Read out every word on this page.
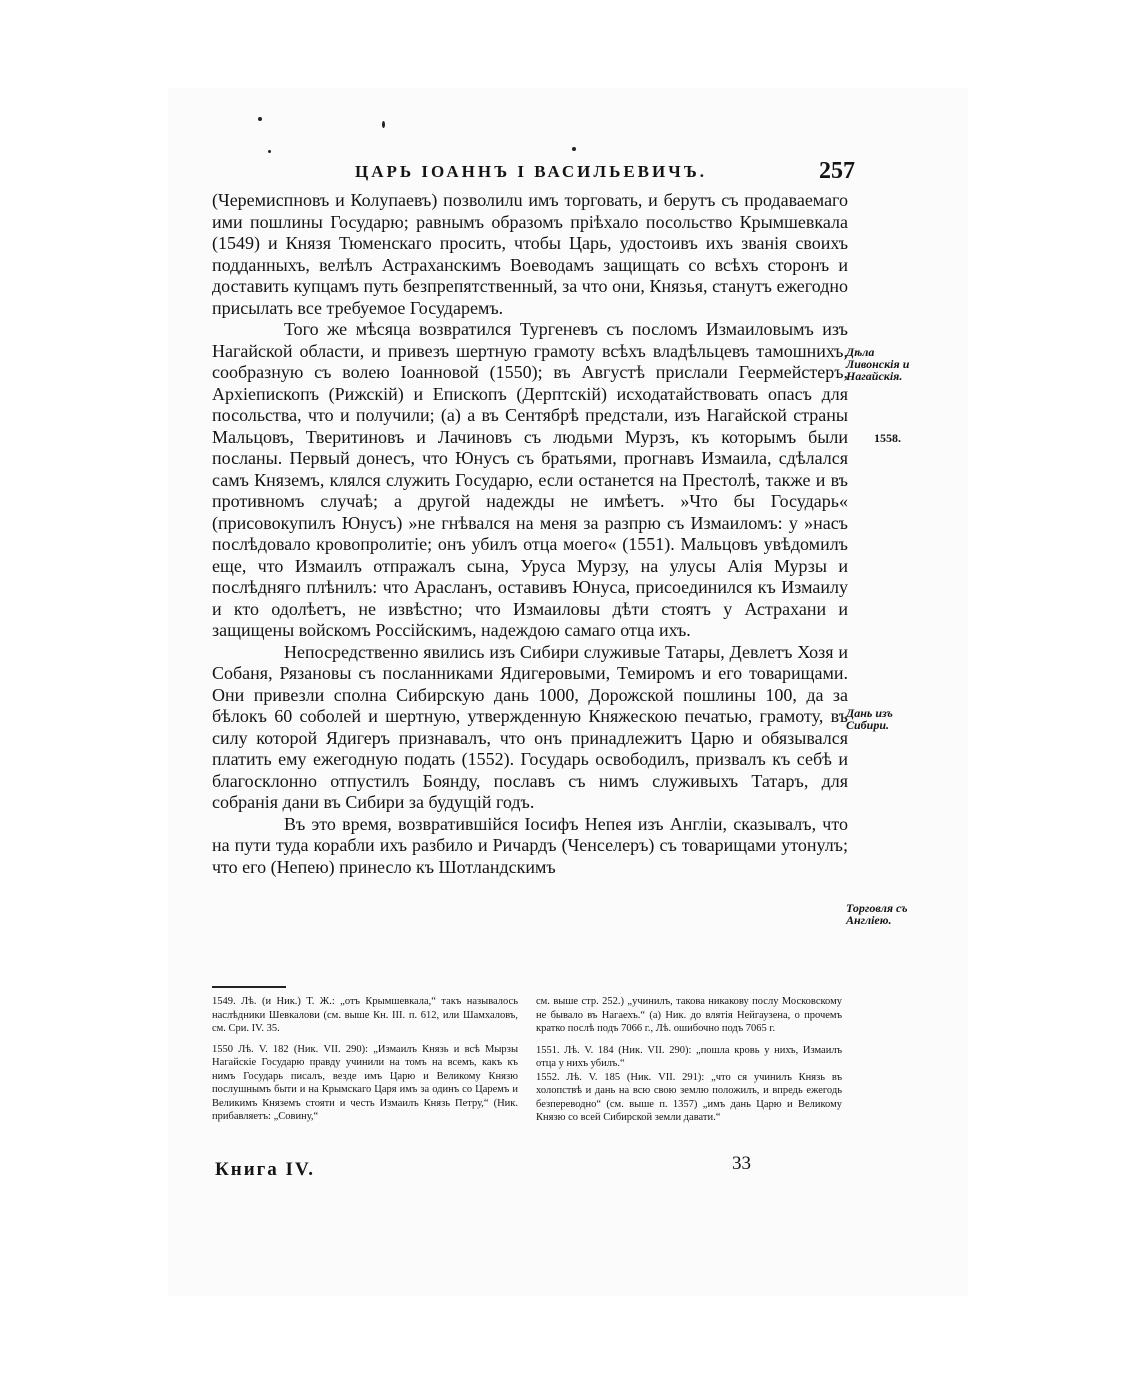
ЦАРЬ IОАННЪ I ВАСИЛЬЕВИЧЪ.	257

(Черемиспновъ и Колупаевъ) позволилu имъ торговать, и берутъ съ продаваемаго ими пошлины Государю; равнымъ образомъ прiѣхало посольство Крымшевкала (1549) и Князя Тюменскаго просить, чтобы Царь, удостоивъ ихъ званiя своихъ подданныхъ, велѣлъ Астраханскимъ Воеводамъ защищать со всѣхъ сторонъ и доставить купцамъ путь безпрепятственный, за что они, Князья, станутъ ежегодно присылать все требуемое Государемъ.

Того же мѣсяца возвратился Тургеневъ съ посломъ Измаиловымъ изъ Нагайской области, и привезъ шертную грамоту всѣхъ владѣльцевъ тамошнихъ, сообразную съ волею Iоанновой (1550); въ Августѣ прислали Геермейстеръ, Архiепископъ (Рижскiй) и Епископъ (Дерптскiй) исходатайствовать опасъ для посольства, что и получили; (а) а въ Сентябрѣ предстали, изъ Нагайской страны Мальцовъ, Тверитиновъ и Лачиновъ съ людьми Мурзъ, къ которымъ были посланы. Первый донесъ, что Юнусъ съ братьями, прогнавъ Измаила, сдѣлался самъ Княземъ, клялся служить Государю, если останется на Престолѣ, также и въ противномъ случаѣ; а другой надежды не имѣетъ. »Что бы Государь« (присовокупилъ Юнусъ) »не гнѣвался на меня за разпрю съ Измаиломъ: у »насъ послѣдовало кровопролитiе; онъ убилъ отца моего« (1551). Мальцовъ увѣдомилъ еще, что Измаилъ отпражалъ сына, Уруса Мурзу, на улусы Алiя Мурзы и послѣдняго плѣнилъ: что Арасланъ, оставивъ Юнуса, присоединился къ Измаилу и кто одолѣетъ, не извѣстно; что Измаиловы дѣти стоятъ у Астрахани и защищены войскомъ Россiйскимъ, надеждою самаго отца ихъ.

Непосредственно явились изъ Сибири служивые Татары, Девлетъ Хозя и Собаня, Рязановы съ посланниками Ядигеровыми, Темиромъ и его товарищами. Они привезли сполна Сибирскую дань 1000, Дорожской пошлины 100, да за бѣлокъ 60 соболей и шертную, утвержденную Княжескою печатью, грамоту, въ силу которой Ядигеръ признавалъ, что онъ принадлежитъ Царю и обязывался платить ему ежегодную подать (1552). Государь освободилъ, призвалъ къ себѣ и благосклонно отпустилъ Боянду, пославъ съ нимъ служивыхъ Татаръ, для собранiя дани въ Сибири за будущiй годъ.

Въ это время, возвратившiйся Iосифъ Непея изъ Англiи, сказывалъ, что на пути туда корабли ихъ разбило и Ричардъ (Ченселеръ) съ товарищами утонулъ; что его (Непею) принесло къ Шотландскимъ

Дѣла Ливонскiя и Нагайскiя.
1558.
Дань изъ Сибири.
Торговля съ Англiею.

1549. Лѣ. (и Ник.) Т. Ж.: „отъ Крымшевкала,“ такъ называлось наслѣдники Шевкалови (см. выше Кн. III. п. 612, или Шамхаловъ, см. Сри. IV. 35.

1550 Лѣ. V. 182 (Ник. VII. 290): „Измаилъ Князь и всѣ Мырзы Нагайскiе Государю правду учинили на томъ на всемъ, какъ къ нимъ Государь писалъ, везде имъ Царю и Великому Князю послушнымъ быти и на Крымскаго Царя имъ за одинъ со Царемъ и Великимъ Княземъ стояти и честь Измаилъ Князь Петру,“ (Ник. прибавляетъ: „Совину,“

см. выше стр. 252.) „учинилъ, такова никакову послу Московскому не бывало въ Нагаехъ.“ (а) Ник. до влятiя Нейгаузена, о прочемъ кратко послѣ подъ 7066 г., Лѣ. ошибочно подъ 7065 г.

1551. Лѣ. V. 184 (Ник. VII. 290): „пошла кровь у нихъ, Измаилъ отца у нихъ убилъ.“

1552. Лѣ. V. 185 (Ник. VII. 291): „что ся учинилъ Князь въ холопствѣ и дань на всю свою землю положилъ, и впредь ежегодь безпереводно“ (см. выше п. 1357) „имъ дань Царю и Великому Князю со всей Сибирской земли давати.“

Книга IV.	33
